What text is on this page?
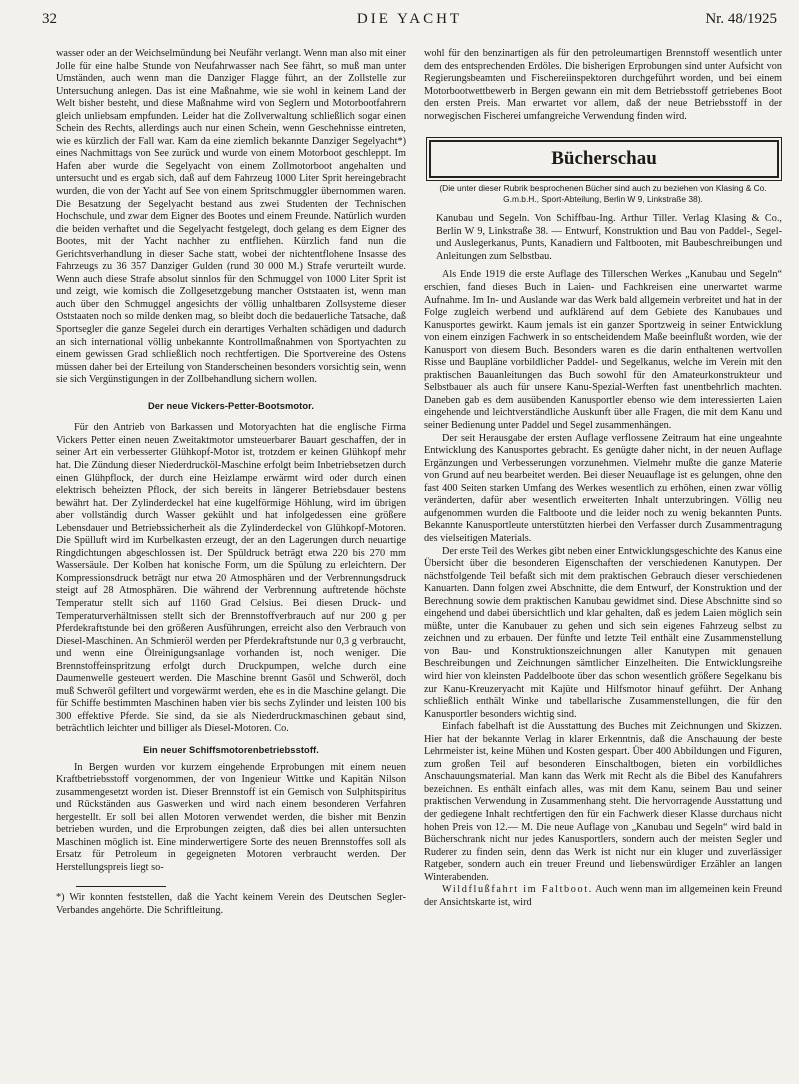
32	DIE YACHT	Nr. 48/1925

wasser oder an der Weichselmündung bei Neufähr verlangt. Wenn man also mit einer Jolle für eine halbe Stunde von Neufahrwasser nach See fährt, so muß man unter Umständen, auch wenn man die Danziger Flagge führt, an der Zollstelle zur Untersuchung anlegen. Das ist eine Maßnahme, wie sie wohl in keinem Land der Welt bisher besteht, und diese Maßnahme wird von Seglern und Motorbootfahrern gleich unliebsam empfunden. Leider hat die Zollverwaltung schließlich sogar einen Schein des Rechts, allerdings auch nur einen Schein, wenn Geschehnisse eintreten, wie es kürzlich der Fall war. Kam da eine ziemlich bekannte Danziger Segelyacht*) eines Nachmittags von See zurück und wurde von einem Motorboot geschleppt. Im Hafen aber wurde die Segelyacht von einem Zollmotorboot angehalten und untersucht und es ergab sich, daß auf dem Fahrzeug 1000 Liter Sprit hereingebracht wurden, die von der Yacht auf See von einem Spritschmuggler übernommen waren. Die Besatzung der Segelyacht bestand aus zwei Studenten der Technischen Hochschule, und zwar dem Eigner des Bootes und einem Freunde. Natürlich wurden die beiden verhaftet und die Segelyacht festgelegt, doch gelang es dem Eigner des Bootes, mit der Yacht nachher zu entfliehen. Kürzlich fand nun die Gerichtsverhandlung in dieser Sache statt, wobei der nichtentflohene Insasse des Fahrzeugs zu 36 357 Danziger Gulden (rund 30 000 M.) Strafe verurteilt wurde. Wenn auch diese Strafe absolut sinnlos für den Schmuggel von 1000 Liter Sprit ist und zeigt, wie komisch die Zollgesetzgebung mancher Oststaaten ist, wenn man auch über den Schmuggel angesichts der völlig unhaltbaren Zollsysteme dieser Oststaaten noch so milde denken mag, so bleibt doch die bedauerliche Tatsache, daß Sportsegler die ganze Segelei durch ein derartiges Verhalten schädigen und dadurch an sich international völlig unbekannte Kontrollmaßnahmen von Sportyachten zu einem gewissen Grad schließlich noch rechtfertigen. Die Sportvereine des Ostens müssen daher bei der Erteilung von Standerscheinen besonders vorsichtig sein, wenn sie sich Vergünstigungen in der Zollbehandlung sichern wollen.

Der neue Vickers-Petter-Bootsmotor.

Für den Antrieb von Barkassen und Motoryachten hat die englische Firma Vickers Petter einen neuen Zweitaktmotor umsteuerbarer Bauart geschaffen, der in seiner Art ein verbesserter Glühkopf-Motor ist, trotzdem er keinen Glühkopf mehr hat. Die Zündung dieser Niederdrucköl-Maschine erfolgt beim Inbetriebsetzen durch einen Glühpflock, der durch eine Heizlampe erwärmt wird oder durch einen elektrisch beheizten Pflock, der sich bereits in längerer Betriebsdauer bestens bewährt hat. Der Zylinderdeckel hat eine kugelförmige Höhlung, wird im übrigen aber vollständig durch Wasser gekühlt und hat infolgedessen eine größere Lebensdauer und Betriebssicherheit als die Zylinderdeckel von Glühkopf-Motoren. Die Spülluft wird im Kurbelkasten erzeugt, der an den Lagerungen durch neuartige Ringdichtungen abgeschlossen ist. Der Spüldruck beträgt etwa 220 bis 270 mm Wassersäule. Der Kolben hat konische Form, um die Spülung zu erleichtern. Der Kompressionsdruck beträgt nur etwa 20 Atmosphären und der Verbrennungsdruck steigt auf 28 Atmosphären. Die während der Verbrennung auftretende höchste Temperatur stellt sich auf 1160 Grad Celsius. Bei diesen Druck- und Temperaturverhältnissen stellt sich der Brennstoffverbrauch auf nur 200 g per Pferdekraftstunde bei den größeren Ausführungen, erreicht also den Verbrauch von Diesel-Maschinen. An Schmieröl werden per Pferdekraftstunde nur 0,3 g verbraucht, und wenn eine Ölreinigungsanlage vorhanden ist, noch weniger. Die Brennstoffeinspritzung erfolgt durch Druckpumpen, welche durch eine Daumenwelle gesteuert werden. Die Maschine brennt Gasöl und Schweröl, doch muß Schweröl gefiltert und vorgewärmt werden, ehe es in die Maschine gelangt. Die für Schiffe bestimmten Maschinen haben vier bis sechs Zylinder und leisten 100 bis 300 effektive Pferde. Sie sind, da sie als Niederdruckmaschinen gebaut sind, beträchtlich leichter und billiger als Diesel-Motoren. Co.

Ein neuer Schiffsmotorenbetriebsstoff.

In Bergen wurden vor kurzem eingehende Erprobungen mit einem neuen Kraftbetriebsstoff vorgenommen, der von Ingenieur Wittke und Kapitän Nilson zusammengesetzt worden ist. Dieser Brennstoff ist ein Gemisch von Sulphitspiritus und Rückständen aus Gaswerken und wird nach einem besonderen Verfahren hergestellt. Er soll bei allen Motoren verwendet werden, die bisher mit Benzin betrieben wurden, und die Erprobungen zeigten, daß dies bei allen untersuchten Maschinen möglich ist. Eine minderwertigere Sorte des neuen Brennstoffes soll als Ersatz für Petroleum in gegeigneten Motoren verbraucht werden. Der Herstellungspreis liegt so-

*) Wir konnten feststellen, daß die Yacht keinem Verein des Deutschen Segler-Verbandes angehörte. Die Schriftleitung.

wohl für den benzinartigen als für den petroleumartigen Brennstoff wesentlich unter dem des entsprechenden Erdöles. Die bisherigen Erprobungen sind unter Aufsicht von Regierungsbeamten und Fischereiinspektoren durchgeführt worden, und bei einem Motorbootwettbewerb in Bergen gewann ein mit dem Betriebsstoff getriebenes Boot den ersten Preis. Man erwartet vor allem, daß der neue Betriebsstoff in der norwegischen Fischerei umfangreiche Verwendung finden wird.

Bücherschau
(Die unter dieser Rubrik besprochenen Bücher sind auch zu beziehen von Klasing & Co. G.m.b.H., Sport-Abteilung, Berlin W 9, Linkstraße 38).

Kanubau und Segeln. Von Schiffbau-Ing. Arthur Tiller. Verlag Klasing & Co., Berlin W 9, Linkstraße 38. — Entwurf, Konstruktion und Bau von Paddel-, Segel- und Auslegerkanus, Punts, Kanadiern und Faltbooten, mit Baubeschreibungen und Anleitungen zum Selbstbau.

Als Ende 1919 die erste Auflage des Tillerschen Werkes „Kanubau und Segeln“ erschien, fand dieses Buch in Laien- und Fachkreisen eine unerwartet warme Aufnahme. Im In- und Auslande war das Werk bald allgemein verbreitet und hat in der Folge zugleich werbend und aufklärend auf dem Gebiete des Kanubaues und Kanusportes gewirkt. Kaum jemals ist ein ganzer Sportzweig in seiner Entwicklung von einem einzigen Fachwerk in so entscheidendem Maße beeinflußt worden, wie der Kanusport von diesem Buch. Besonders waren es die darin enthaltenen wertvollen Risse und Baupläne vorbildlicher Paddel- und Segelkanus, welche im Verein mit den praktischen Bauanleitungen das Buch sowohl für den Amateurkonstrukteur und Selbstbauer als auch für unsere Kanu-Spezial-Werften fast unentbehrlich machten. Daneben gab es dem ausübenden Kanusportler ebenso wie dem interessierten Laien eingehende und leichtverständliche Auskunft über alle Fragen, die mit dem Kanu und seiner Bedienung unter Paddel und Segel zusammenhängen.

Der seit Herausgabe der ersten Auflage verflossene Zeitraum hat eine ungeahnte Entwicklung des Kanusportes gebracht. Es genügte daher nicht, in der neuen Auflage Ergänzungen und Verbesserungen vorzunehmen. Vielmehr mußte die ganze Materie von Grund auf neu bearbeitet werden. Bei dieser Neuauflage ist es gelungen, ohne den fast 400 Seiten starken Umfang des Werkes wesentlich zu erhöhen, einen zwar völlig veränderten, dafür aber wesentlich erweiterten Inhalt unterzubringen. Völlig neu aufgenommen wurden die Faltboote und die leider noch zu wenig bekannten Punts. Bekannte Kanusportleute unterstützten hierbei den Verfasser durch Zusammentragung des vielseitigen Materials.

Der erste Teil des Werkes gibt neben einer Entwicklungsgeschichte des Kanus eine Übersicht über die besonderen Eigenschaften der verschiedenen Kanutypen. Der nächstfolgende Teil befaßt sich mit dem praktischen Gebrauch dieser verschiedenen Kanuarten. Dann folgen zwei Abschnitte, die dem Entwurf, der Konstruktion und der Berechnung sowie dem praktischen Kanubau gewidmet sind. Diese Abschnitte sind so eingehend und dabei übersichtlich und klar gehalten, daß es jedem Laien möglich sein müßte, unter die Kanubauer zu gehen und sich sein eigenes Fahrzeug selbst zu zeichnen und zu erbauen. Der fünfte und letzte Teil enthält eine Zusammenstellung von Bau- und Konstruktionszeichnungen aller Kanutypen mit genauen Beschreibungen und Zeichnungen sämtlicher Einzelheiten. Die Entwicklungsreihe wird hier von kleinsten Paddelboote über das schon wesentlich größere Segelkanu bis zur Kanu-Kreuzeryacht mit Kajüte und Hilfsmotor hinauf geführt. Der Anhang schließlich enthält Winke und tabellarische Zusammenstellungen, die für den Kanusportler besonders wichtig sind.

Einfach fabelhaft ist die Ausstattung des Buches mit Zeichnungen und Skizzen. Hier hat der bekannte Verlag in klarer Erkenntnis, daß die Anschauung der beste Lehrmeister ist, keine Mühen und Kosten gespart. Über 400 Abbildungen und Figuren, zum großen Teil auf besonderen Einschaltbogen, bieten ein vorbildliches Anschauungsmaterial. Man kann das Werk mit Recht als die Bibel des Kanufahrers bezeichnen. Es enthält einfach alles, was mit dem Kanu, seinem Bau und seiner praktischen Verwendung in Zusammenhang steht. Die hervorragende Ausstattung und der gediegene Inhalt rechtfertigen den für ein Fachwerk dieser Klasse durchaus nicht hohen Preis von 12.— M. Die neue Auflage von „Kanubau und Segeln“ wird bald in Bücherschrank nicht nur jedes Kanusportlers, sondern auch der meisten Segler und Ruderer zu finden sein, denn das Werk ist nicht nur ein kluger und zuverlässiger Ratgeber, sondern auch ein treuer Freund und liebenswürdiger Erzähler an langen Winterabenden.

Wildflußfahrt im Faltboot. Auch wenn man im allgemeinen kein Freund der Ansichtskarte ist, wird
